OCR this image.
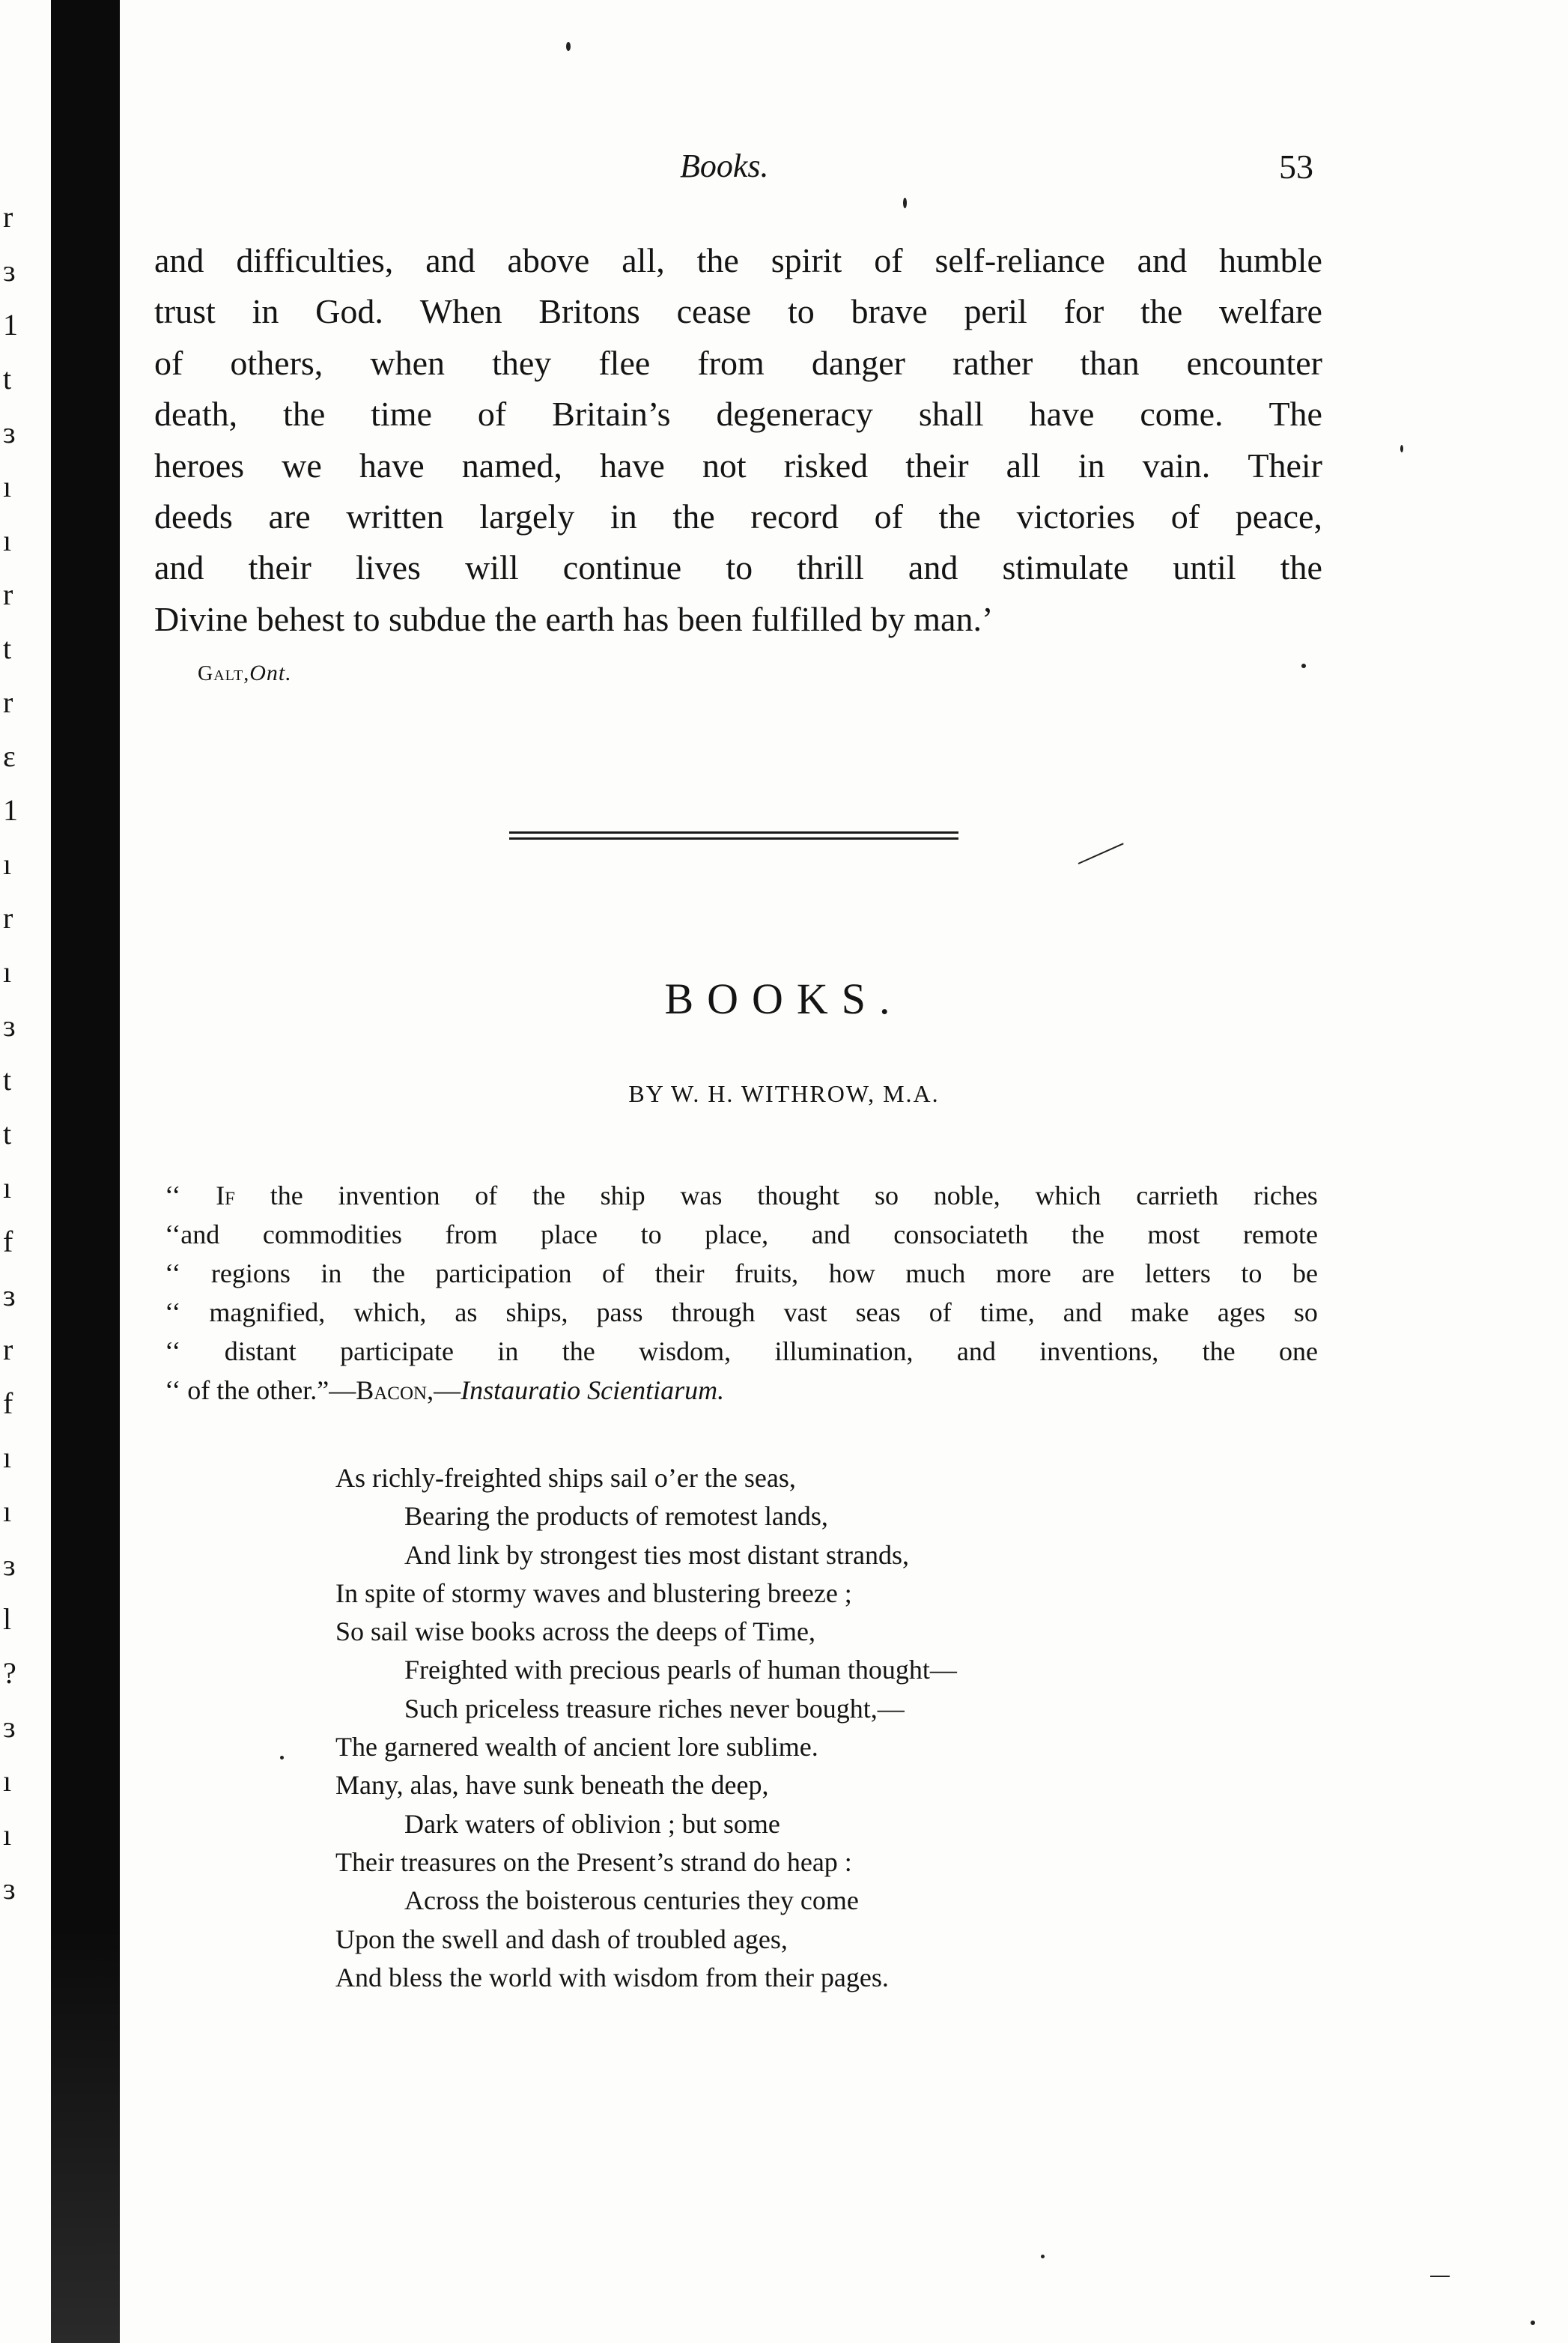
r
ɜ
1
t
ɜ
ı
ı
r
t
r
ɛ
1
ı
r
ı
ɜ
t
t
ı
f
ɜ
r
f
ı
ı
ɜ
l
?
ɜ
ı
ı
ɜ
Books.	53
and difficulties, and above all, the spirit of self-reliance and humble
trust in God. When Britons cease to brave peril for the welfare
of others, when they flee from danger rather than encounter
death, the time of Britain’s degeneracy shall have come. The
heroes we have named, have not risked their all in vain. Their
deeds are written largely in the record of the victories of peace,
and their lives will continue to thrill and stimulate until the
Divine behest to subdue the earth has been fulfilled by man.’
Galt,Ont.
BOOKS.
BY W. H. WITHROW, M.A.
‘‘ If the invention of the ship was thought so noble, which carrieth riches
‘‘and commodities from place to place, and consociateth the most remote
‘‘ regions in the participation of their fruits, how much more are letters to be
‘‘ magnified, which, as ships, pass through vast seas of time, and make ages so
‘‘ distant participate in the wisdom, illumination, and inventions, the one
‘‘ of the other.”— Bacon, — Instauratio Scientiarum.
As richly-freighted ships sail o’er the seas,
Bearing the products of remotest lands,
And link by strongest ties most distant strands,
In spite of stormy waves and blustering breeze ;
So sail wise books across the deeps of Time,
Freighted with precious pearls of human thought—
Such priceless treasure riches never bought,—
The garnered wealth of ancient lore sublime.
Many, alas, have sunk beneath the deep,
Dark waters of oblivion ; but some
Their treasures on the Present’s strand do heap :
Across the boisterous centuries they come
Upon the swell and dash of troubled ages,
And bless the world with wisdom from their pages.
